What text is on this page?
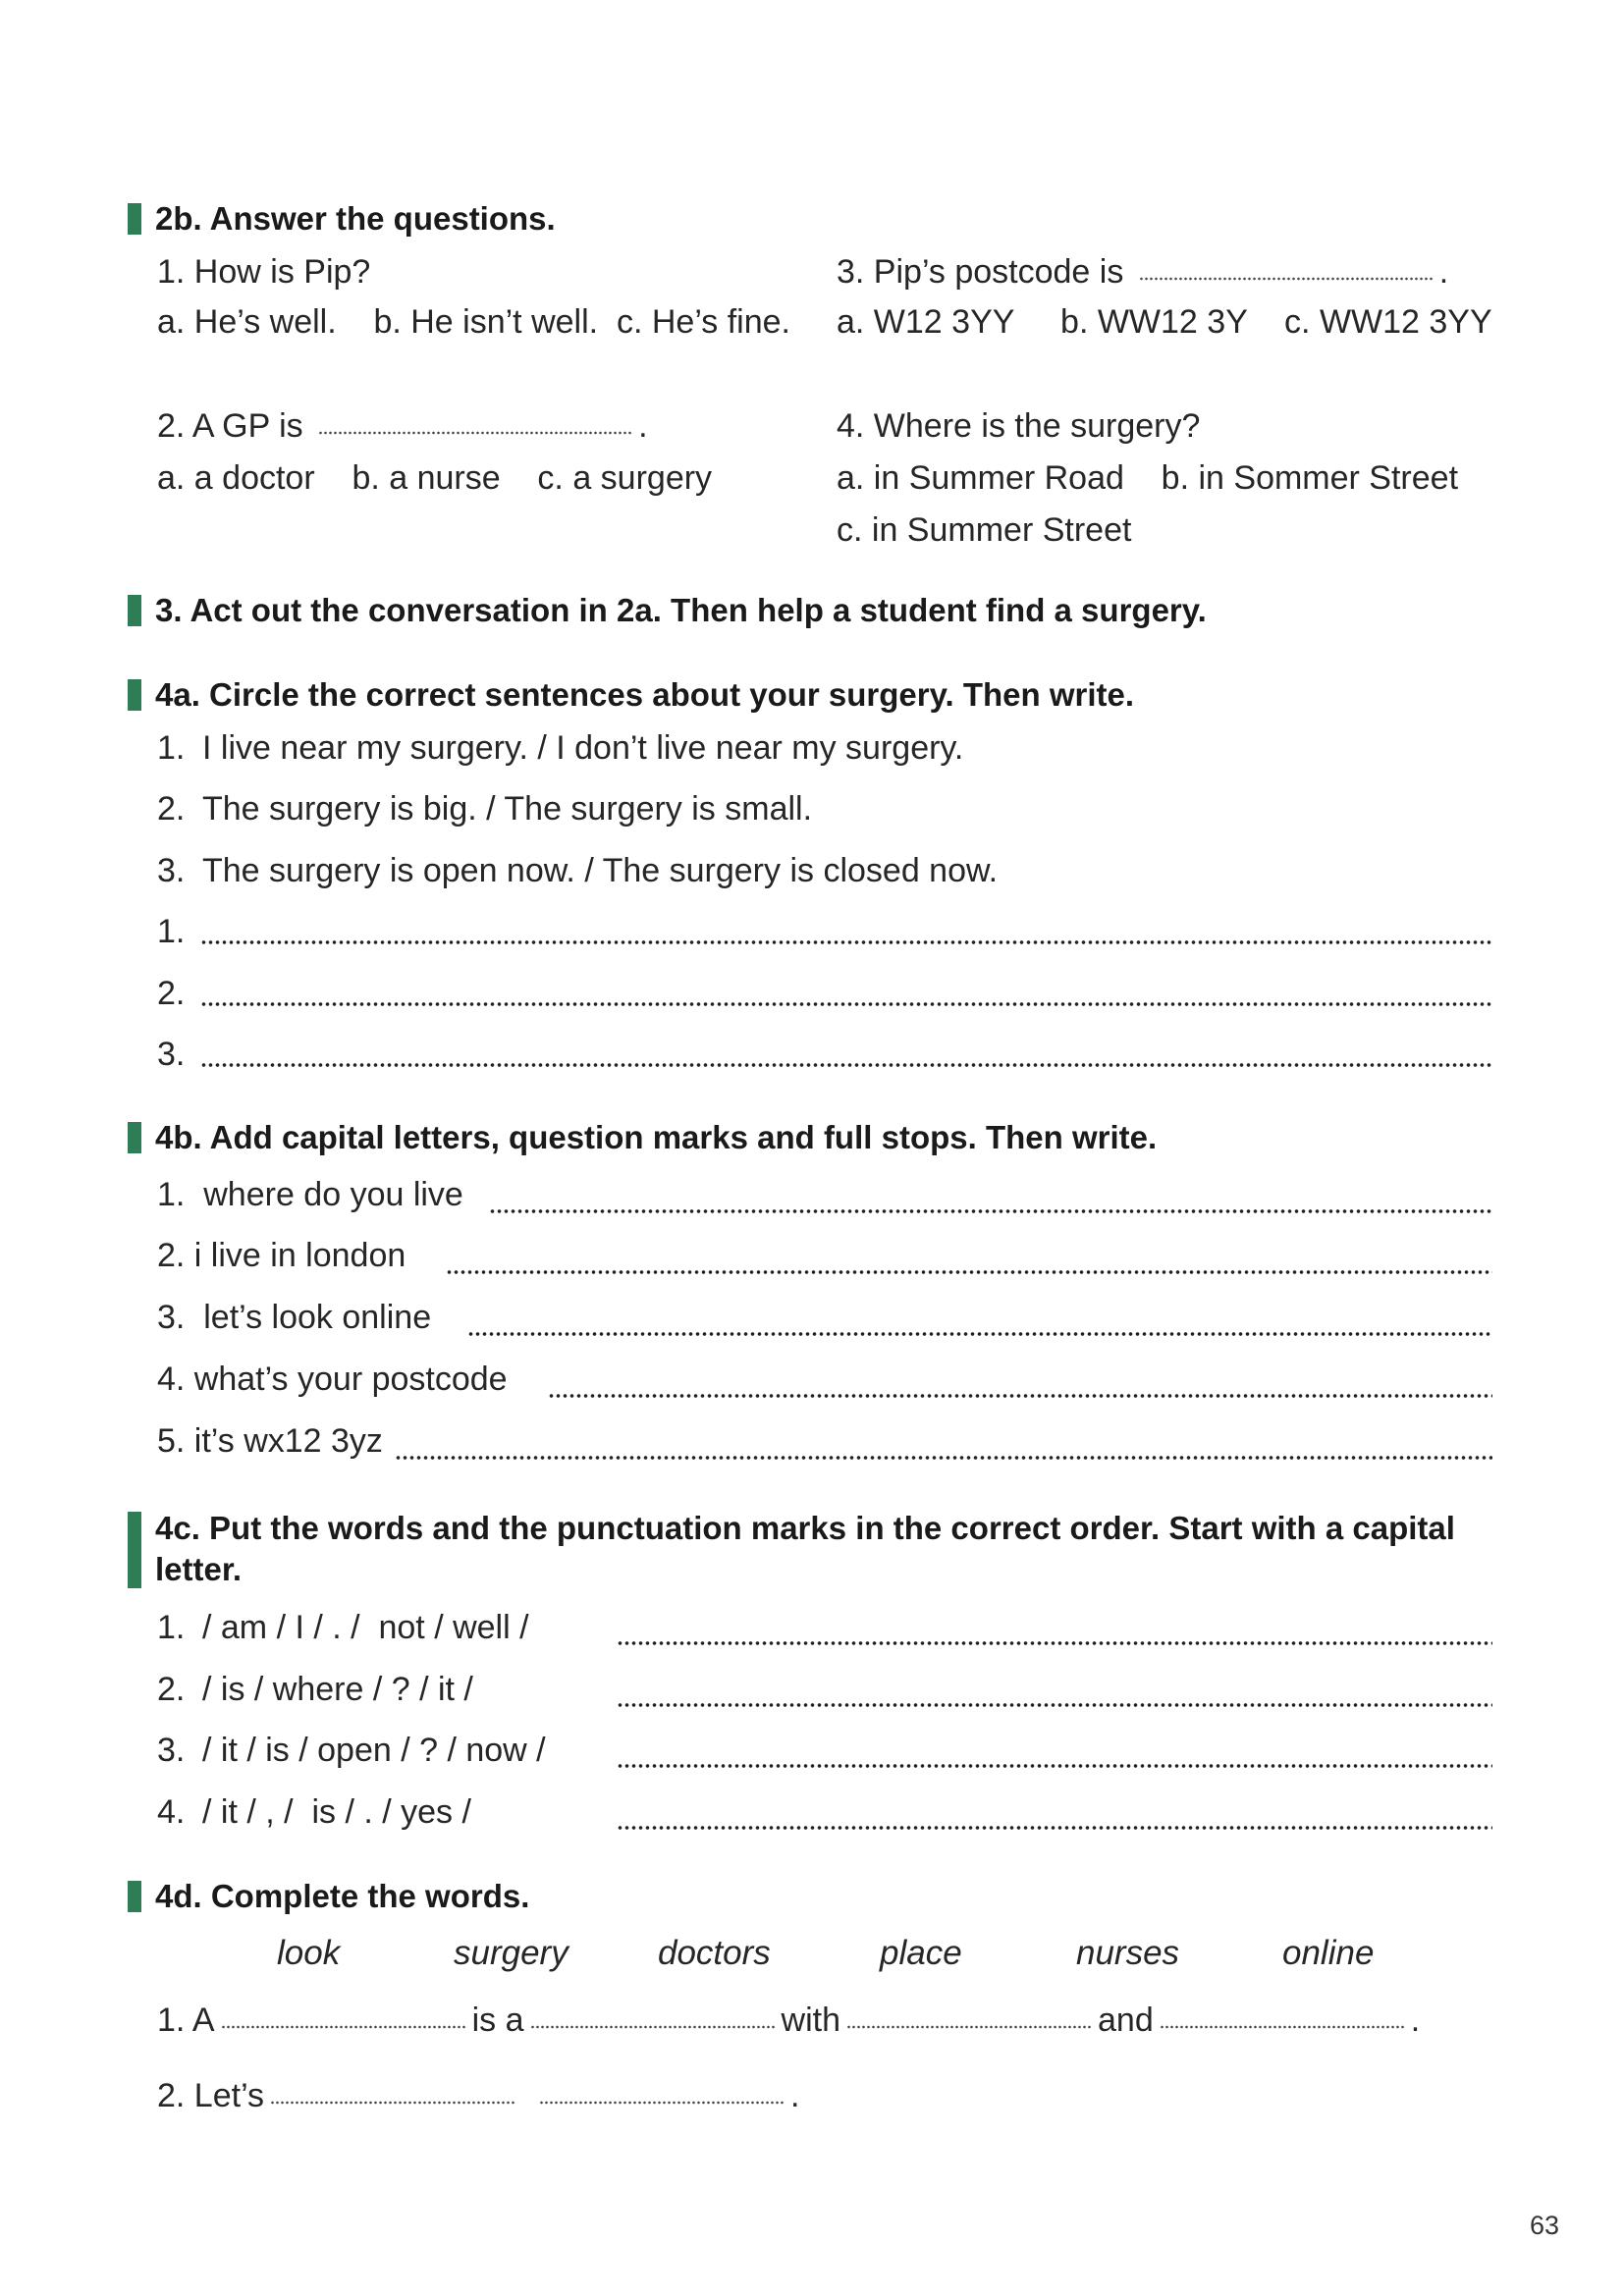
2b. Answer the questions.
1. How is Pip?
a. He’s well.    b. He isn’t well.  c. He’s fine.
2. A GP is	.
a. a doctor    b. a nurse    c. a surgery
3. Pip’s postcode is	.
a. W12 3YY     b. WW12 3Y    c. WW12 3YY
4. Where is the surgery?
a. in Summer Road    b. in Sommer Street
c. in Summer Street
3. Act out the conversation in 2a. Then help a student find a surgery.
4a. Circle the correct sentences about your surgery. Then write.
1. I live near my surgery. / I don’t live near my surgery.
2. The surgery is big. / The surgery is small.
3. The surgery is open now. / The surgery is closed now.
1.
2.
3.
4b. Add capital letters, question marks and full stops. Then write.
1.  where do you live
2. i live in london
3.  let’s look online
4. what’s your postcode
5. it’s wx12 3yz
4c. Put the words and the punctuation marks in the correct order. Start with a capital letter.
1. / am / I / . /  not / well /
2. / is / where / ? / it /
3. / it / is / open / ? / now /
4. / it / , /  is / . / yes /
4d. Complete the words.
look	surgery	doctors	place	nurses	online
1. A	is a	with	and	.
2. Let’s	.
63
